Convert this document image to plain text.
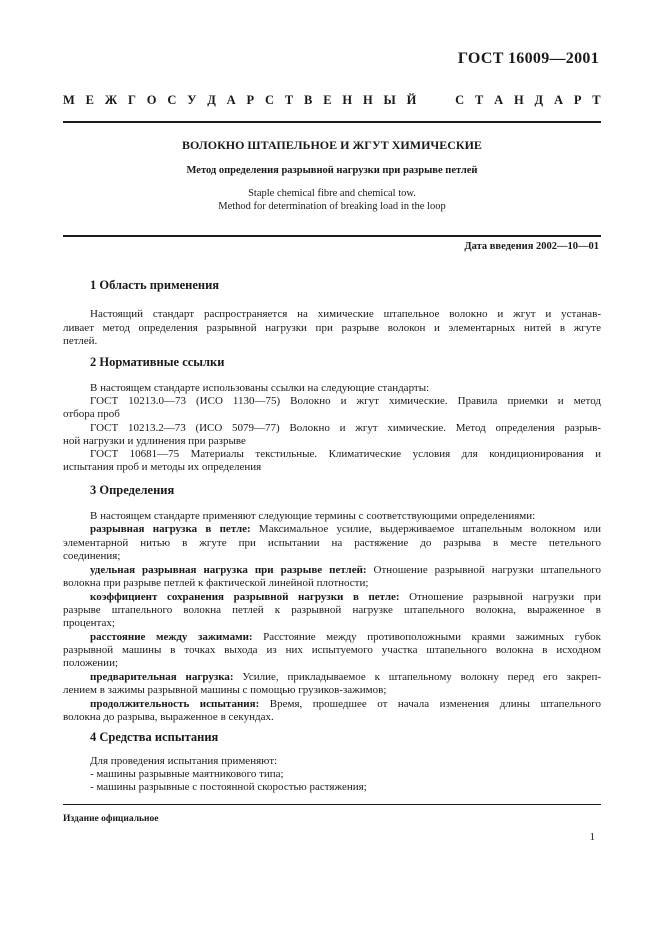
ГОСТ 16009—2001
М Е Ж Г О С У Д А Р С Т В Е Н Н Ы Й

	С Т А Н Д А Р Т
ВОЛОКНО ШТАПЕЛЬНОЕ И ЖГУТ ХИМИЧЕСКИЕ
Метод определения разрывной нагрузки при разрыве петлей
Staple chemical fibre and chemical tow.
Method for determination of breaking load in the loop
Дата введения 2002—10—01
1 Область применения
Настоящий стандарт распространяется на химические штапельное волокно и жгут и устанав-
ливает метод определения разрывной нагрузки при разрыве волокон и элементарных нитей в жгуте
петлей.
2 Нормативные ссылки
В настоящем стандарте использованы ссылки на следующие стандарты:
ГОСТ 10213.0—73 (ИСО 1130—75) Волокно и жгут химические. Правила приемки и метод
отбора проб
ГОСТ 10213.2—73 (ИСО 5079—77) Волокно и жгут химические. Метод определения разрыв-
ной нагрузки и удлинения при разрыве
ГОСТ 10681—75 Материалы текстильные. Климатические условия для кондиционирования и
испытания проб и методы их определения
3 Определения
В настоящем стандарте применяют следующие термины с соответствующими определениями:
разрывная нагрузка в петле: Максимальное усилие, выдерживаемое штапельным волокном или
элементарной нитью в жгуте при испытании на растяжение до разрыва в месте петельного
соединения;
удельная разрывная нагрузка при разрыве петлей: Отношение разрывной нагрузки штапельного
волокна при разрыве петлей к фактической линейной плотности;
коэффициент сохранения разрывной нагрузки в петле: Отношение разрывной нагрузки при
разрыве штапельного волокна петлей к разрывной нагрузке штапельного волокна, выраженное в
процентах;
расстояние между зажимами: Расстояние между противоположными краями зажимных губок
разрывной машины в точках выхода из них испытуемого участка штапельного волокна в исходном
положении;
предварительная нагрузка: Усилие, прикладываемое к штапельному волокну перед его закреп-
лением в зажимы разрывной машины с помощью грузиков-зажимов;
продолжительность испытания: Время, прошедшее от начала изменения длины штапельного
волокна до разрыва, выраженное в секундах.
4 Средства испытания
Для проведения испытания применяют:
- машины разрывные маятникового типа;
- машины разрывные с постоянной скоростью растяжения;
Издание официальное
1
